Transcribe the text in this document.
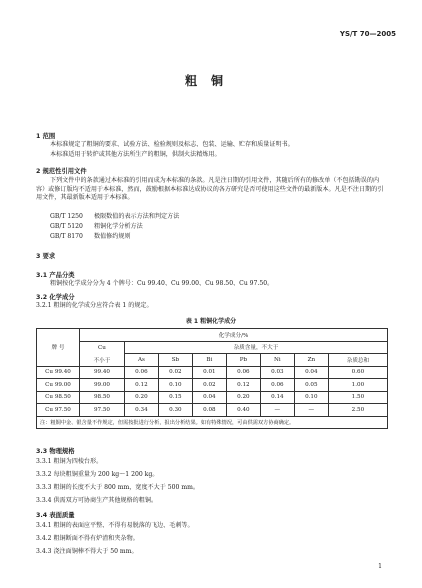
YS/T 70—2005
粗铜
1 范围
本标准规定了粗铜的要求、试验方法、检验规则及标志、包装、运输、贮存和质量证明书。
本标准适用于转炉或其他方法所生产的粗铜，供制火法精炼用。
2 规范性引用文件
下列文件中的条款通过本标准的引用而成为本标准的条款。凡是注日期的引用文件，其随后所有的修改单（不包括勘误的内容）或修订版均不适用于本标准，然而，鼓励根据本标准达成协议的各方研究是否可使用这些文件的最新版本。凡是不注日期的引用文件，其最新版本适用于本标准。
GB/T 1250 极限数值的表示方法和判定方法
GB/T 5120 粗铜化学分析方法
GB/T 8170 数值修约规则
3 要求
3.1 产品分类
粗铜按化学成分分为 4 个牌号：Cu 99.40、Cu 99.00、Cu 98.50、Cu 97.50。
3.2 化学成分
3.2.1 粗铜的化学成分应符合表 1 的规定。
表 1 粗铜化学成分
牌 号	化学成分/%							
	Cu	杂质含量，不大于						
	不小于	As	Sb	Bi	Pb	Ni	Zn	杂质总和
Cu 99.40	99.40	0.06	0.02	0.01	0.06	0.03	0.04	0.60
Cu 99.00	99.00	0.12	0.10	0.02	0.12	0.06	0.05	1.00
Cu 98.50	98.50	0.20	0.15	0.04	0.20	0.14	0.10	1.50
Cu 97.50	97.50	0.34	0.30	0.08	0.40	—	—	2.50
注：粗铜中金、银含量不作规定，但需按批进行分析，报出分析结果。如有特殊情况，可由供需双方协商确定。								
3.3 物理规格
3.3.1 粗铜为四棱台形。
3.3.2 每块粗铜重量为 200 kg～1 200 kg。
3.3.3 粗铜的长度不大于 800 mm，宽度不大于 500 mm。
3.3.4 供需双方可协商生产其他规格的粗铜。
3.4 表面质量
3.4.1 粗铜的表面应平整、不得有易脱落的飞边、毛刺等。
3.4.2 粗铜断面不得有炉渣和夹杂物。
3.4.3 浇注面铜棒不得大于 50 mm。
1
